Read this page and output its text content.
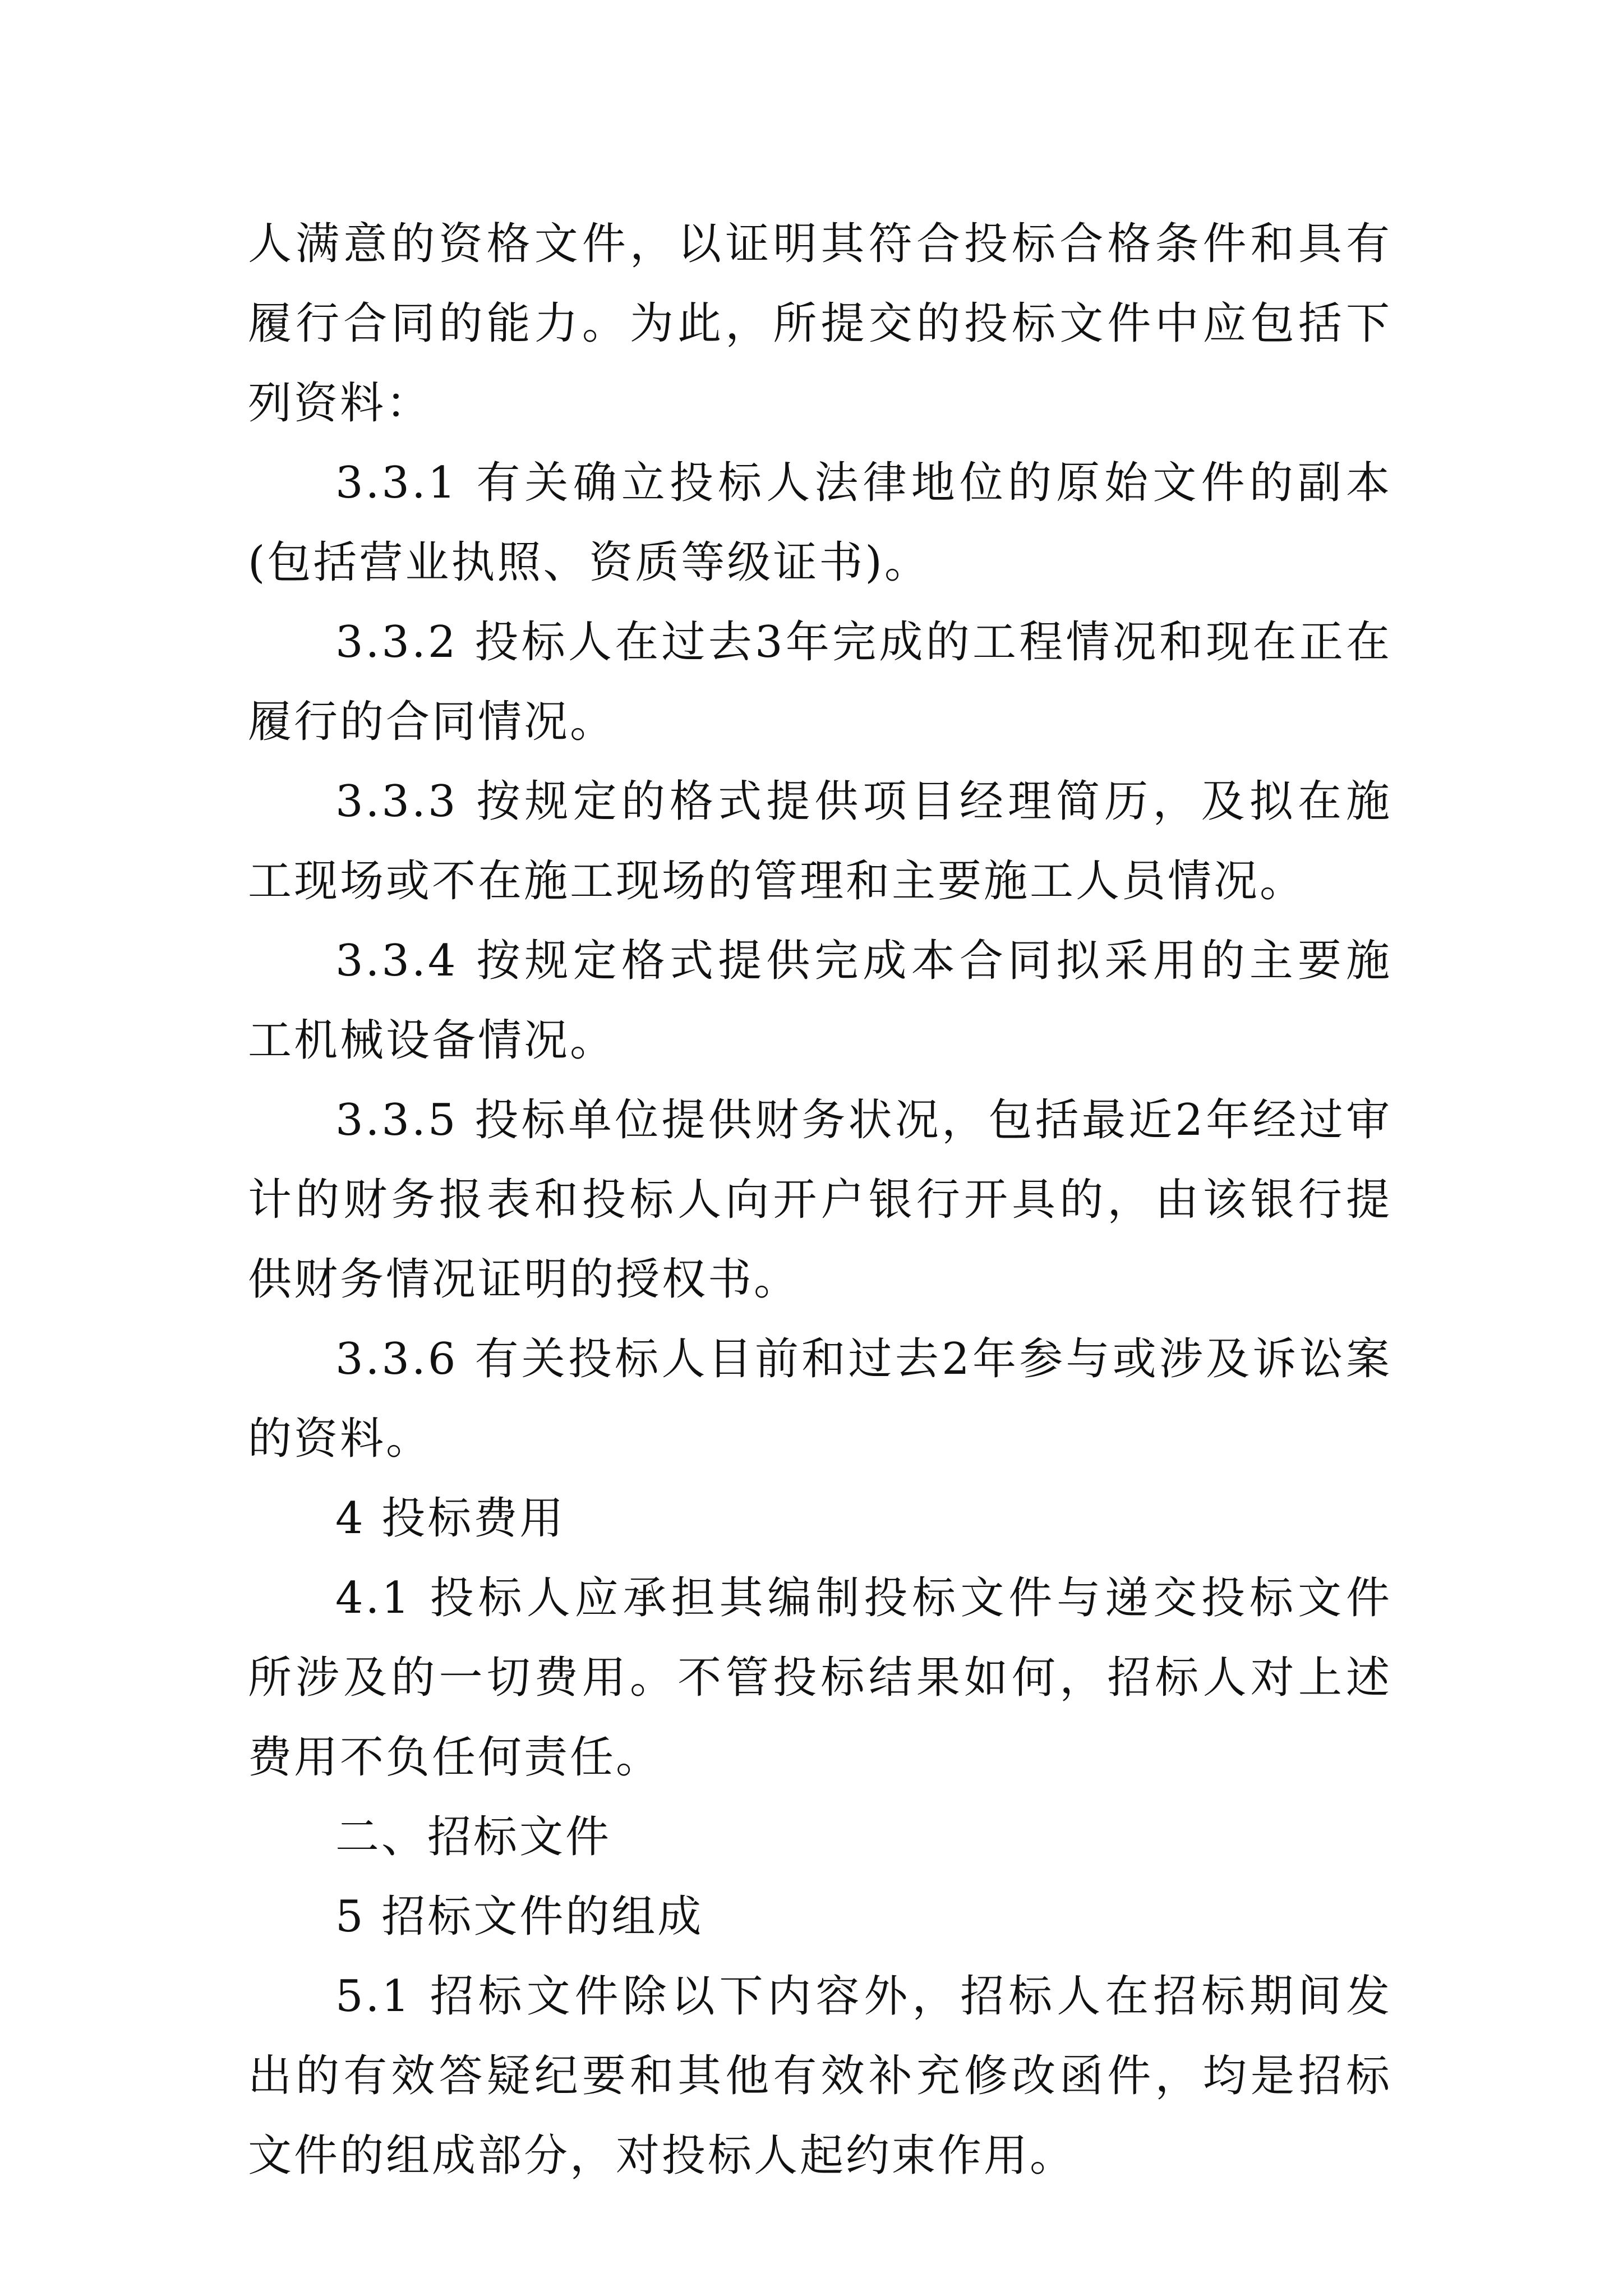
人满意的资格文件，以证明其符合投标合格条件和具有履行合同的能力。为此，所提交的投标文件中应包括下列资料：

3.3.1 有关确立投标人法律地位的原始文件的副本(包括营业执照、资质等级证书)。

3.3.2 投标人在过去3年完成的工程情况和现在正在履行的合同情况。

3.3.3 按规定的格式提供项目经理简历，及拟在施工现场或不在施工现场的管理和主要施工人员情况。

3.3.4 按规定格式提供完成本合同拟采用的主要施工机械设备情况。

3.3.5 投标单位提供财务状况，包括最近2年经过审计的财务报表和投标人向开户银行开具的，由该银行提供财务情况证明的授权书。

3.3.6 有关投标人目前和过去2年参与或涉及诉讼案的资料。

4 投标费用

4.1 投标人应承担其编制投标文件与递交投标文件所涉及的一切费用。不管投标结果如何，招标人对上述费用不负任何责任。

二、招标文件

5 招标文件的组成

5.1 招标文件除以下内容外，招标人在招标期间发出的有效答疑纪要和其他有效补充修改函件，均是招标文件的组成部分，对投标人起约束作用。
